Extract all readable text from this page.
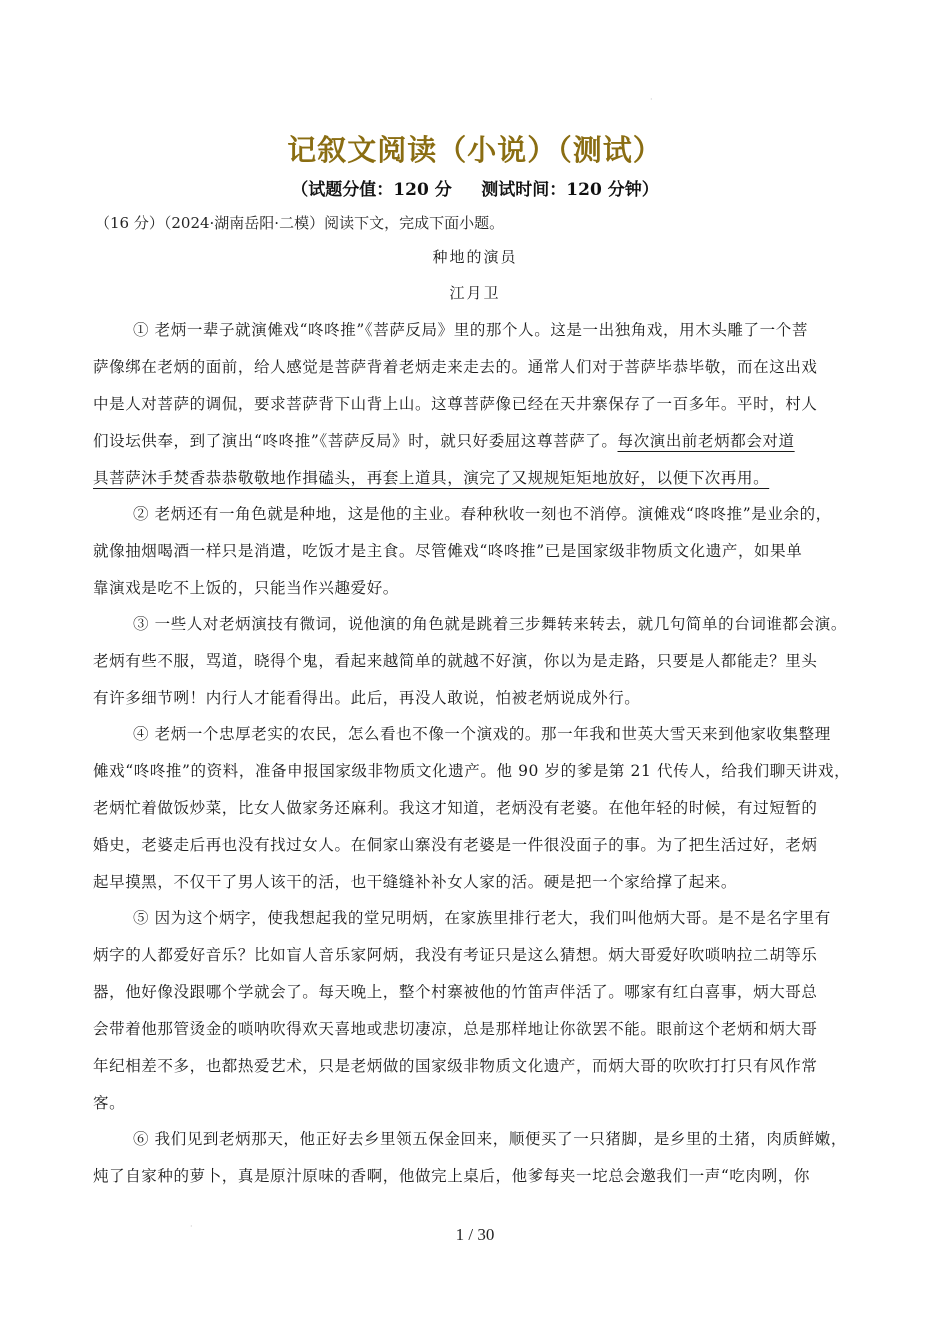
·
记叙文阅读（小说）（测试）
（试题分值：120 分 测试时间：120 分钟）
（16 分）（2024·湖南岳阳·二模）阅读下文，完成下面小题。
种地的演员
江月卫
① 老炳一辈子就演傩戏“咚咚推”《菩萨反局》里的那个人。这是一出独角戏，用木头雕了一个菩
萨像绑在老炳的面前，给人感觉是菩萨背着老炳走来走去的。通常人们对于菩萨毕恭毕敬，而在这出戏
中是人对菩萨的调侃，要求菩萨背下山背上山。这尊菩萨像已经在天井寨保存了一百多年。平时，村人
们设坛供奉，到了演出“咚咚推”《菩萨反局》时，就只好委屈这尊菩萨了。每次演出前老炳都会对道
具菩萨沐手焚香恭恭敬敬地作揖磕头，再套上道具，演完了又规规矩矩地放好，以便下次再用。
② 老炳还有一角色就是种地，这是他的主业。春种秋收一刻也不消停。演傩戏“咚咚推”是业余的，
就像抽烟喝酒一样只是消遣，吃饭才是主食。尽管傩戏“咚咚推”已是国家级非物质文化遗产，如果单
靠演戏是吃不上饭的，只能当作兴趣爱好。
③ 一些人对老炳演技有微词，说他演的角色就是跳着三步舞转来转去，就几句简单的台词谁都会演。
老炳有些不服，骂道，晓得个鬼，看起来越简单的就越不好演，你以为是走路，只要是人都能走？里头
有许多细节咧！内行人才能看得出。此后，再没人敢说，怕被老炳说成外行。
④ 老炳一个忠厚老实的农民，怎么看也不像一个演戏的。那一年我和世英大雪天来到他家收集整理
傩戏“咚咚推”的资料，准备申报国家级非物质文化遗产。他 90 岁的爹是第 21 代传人，给我们聊天讲戏，
老炳忙着做饭炒菜，比女人做家务还麻利。我这才知道，老炳没有老婆。在他年轻的时候，有过短暂的
婚史，老婆走后再也没有找过女人。在侗家山寨没有老婆是一件很没面子的事。为了把生活过好，老炳
起早摸黑，不仅干了男人该干的活，也干缝缝补补女人家的活。硬是把一个家给撑了起来。
⑤ 因为这个炳字，使我想起我的堂兄明炳，在家族里排行老大，我们叫他炳大哥。是不是名字里有
炳字的人都爱好音乐？比如盲人音乐家阿炳，我没有考证只是这么猜想。炳大哥爱好吹唢呐拉二胡等乐
器，他好像没跟哪个学就会了。每天晚上，整个村寨被他的竹笛声伴活了。哪家有红白喜事，炳大哥总
会带着他那管烫金的唢呐吹得欢天喜地或悲切凄凉，总是那样地让你欲罢不能。眼前这个老炳和炳大哥
年纪相差不多，也都热爱艺术，只是老炳做的国家级非物质文化遗产，而炳大哥的吹吹打打只有风作常
客。
⑥ 我们见到老炳那天，他正好去乡里领五保金回来，顺便买了一只猪脚，是乡里的土猪，肉质鲜嫩，
炖了自家种的萝卜，真是原汁原味的香啊，他做完上桌后，他爹每夹一坨总会邀我们一声“吃肉咧，你
·	1 / 30
